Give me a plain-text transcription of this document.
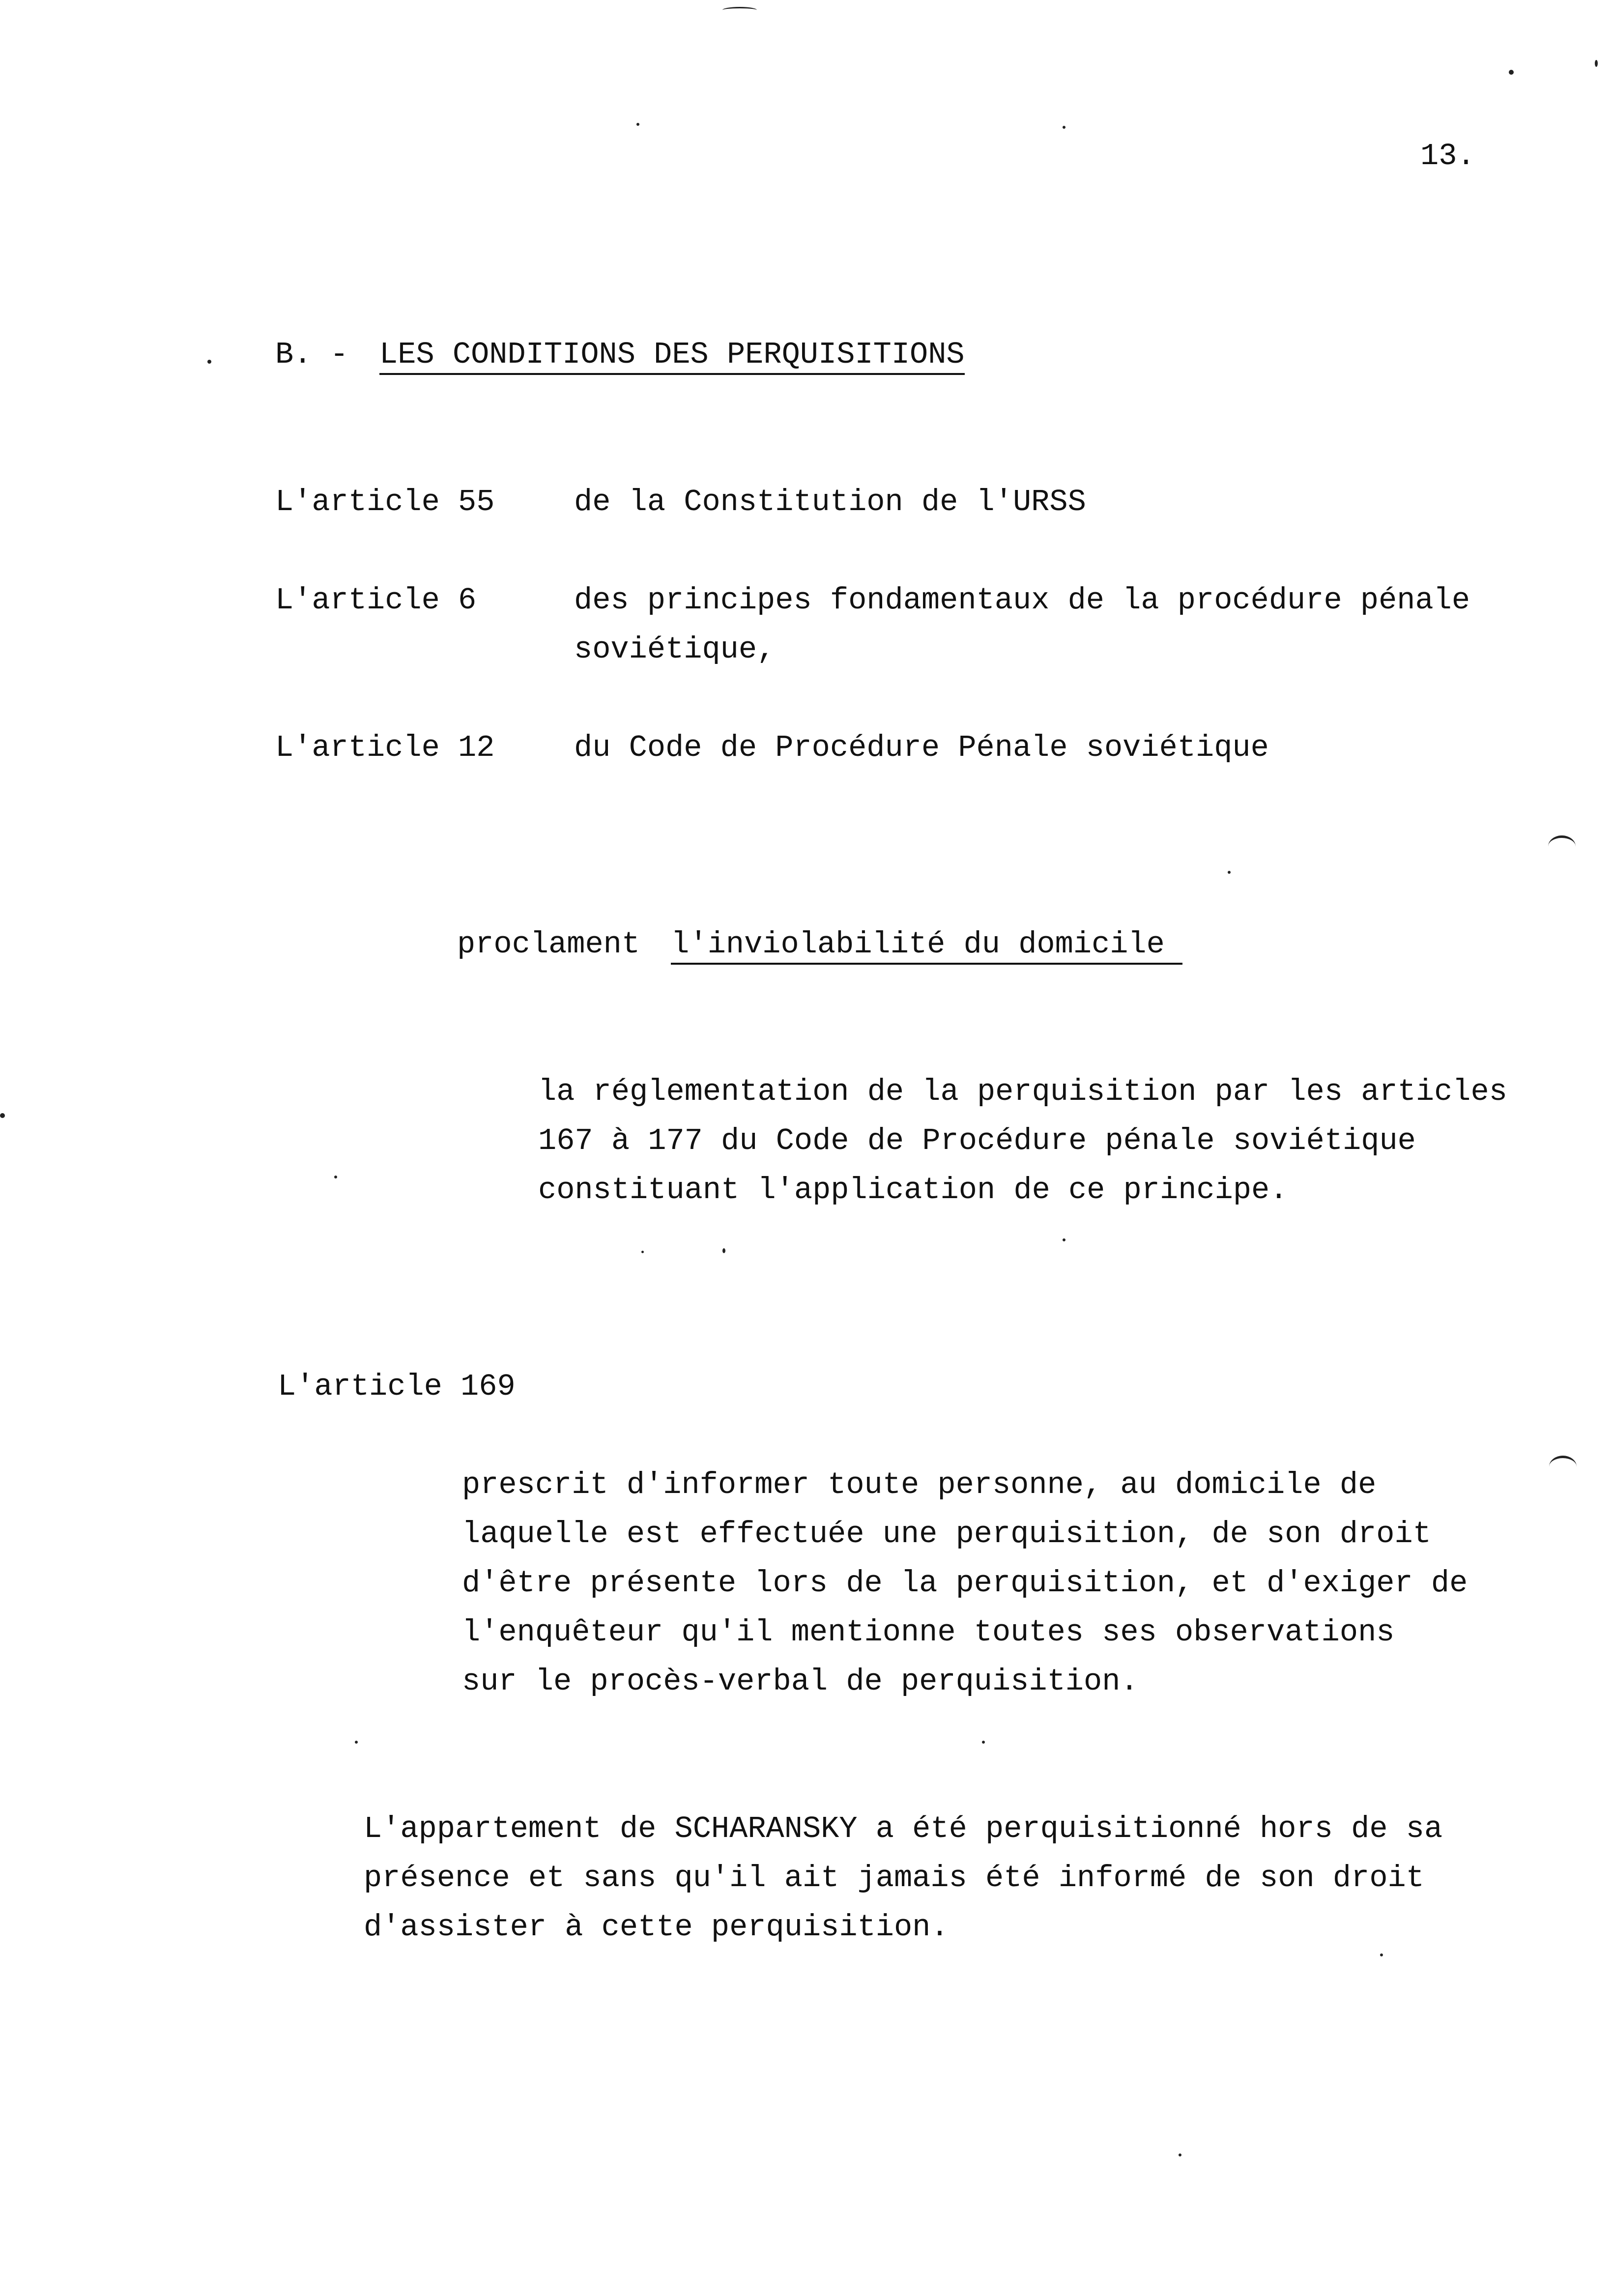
13.
B. - LES CONDITIONS DES PERQUISITIONS
L'article 55	de la Constitution de l'URSS
L'article 6	des principes fondamentaux de la procédure pénale
soviétique,
L'article 12	du Code de Procédure Pénale soviétique
proclament l'inviolabilité du domicile
la réglementation de la perquisition par les articles
167 à 177 du Code de Procédure pénale soviétique
constituant l'application de ce principe.
L'article 169
prescrit d'informer toute personne, au domicile de
laquelle est effectuée une perquisition, de son droit
d'être présente lors de la perquisition, et d'exiger de
l'enquêteur qu'il mentionne toutes ses observations
sur le procès-verbal de perquisition.
L'appartement de SCHARANSKY a été perquisitionné hors de sa
présence et sans qu'il ait jamais été informé de son droit
d'assister à cette perquisition.
